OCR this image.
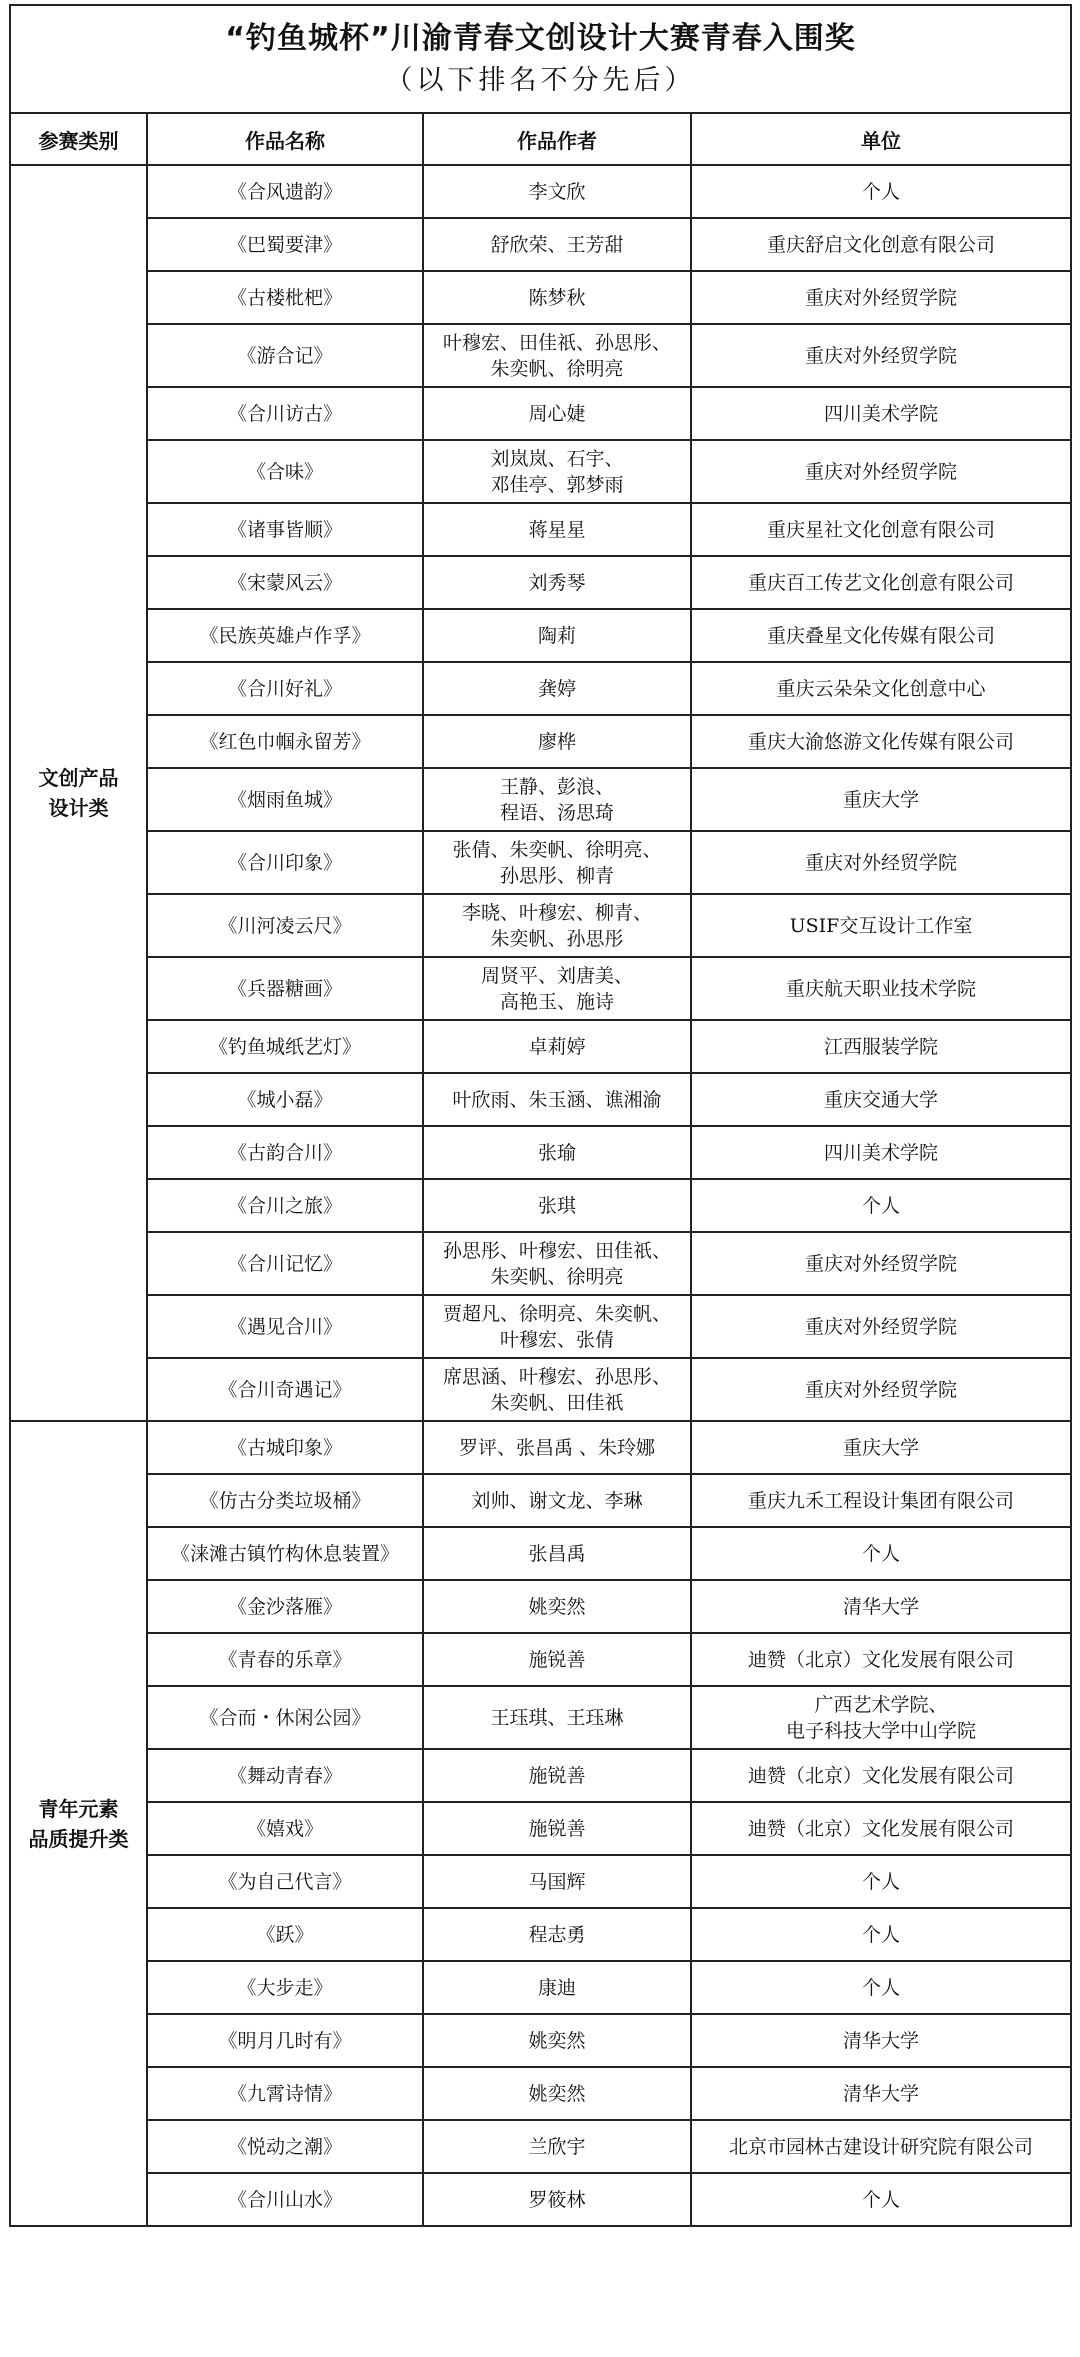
“钓鱼城杯”川渝青春文创设计大赛青春入围奖
（以下排名不分先后）			

参赛类别	作品名称	作品作者	单位

文创产品
设计类	《合风遗韵》	李文欣	个人

	《巴蜀要津》	舒欣荣、王芳甜	重庆舒启文化创意有限公司

	《古楼枇杷》	陈梦秋	重庆对外经贸学院

	《游合记》	叶穆宏、田佳祇、孙思彤、
朱奕帆、徐明亮	重庆对外经贸学院

	《合川访古》	周心婕	四川美术学院

	《合味》	刘岚岚、石宇、
邓佳亭、郭梦雨	重庆对外经贸学院

	《诸事皆顺》	蒋星星	重庆星社文化创意有限公司

	《宋蒙风云》	刘秀琴	重庆百工传艺文化创意有限公司

	《民族英雄卢作孚》	陶莉	重庆叠星文化传媒有限公司

	《合川好礼》	龚婷	重庆云朵朵文化创意中心

	《红色巾帼永留芳》	廖桦	重庆大渝悠游文化传媒有限公司

	《烟雨鱼城》	王静、彭浪、
程语、汤思琦	重庆大学

	《合川印象》	张倩、朱奕帆、徐明亮、
孙思彤、柳青	重庆对外经贸学院

	《川河凌云尺》	李晓、叶穆宏、柳青、
朱奕帆、孙思彤	USIF交互设计工作室

	《兵器糖画》	周贤平、刘唐美、
高艳玉、施诗	重庆航天职业技术学院

	《钓鱼城纸艺灯》	卓莉婷	江西服装学院

	《城小磊》	叶欣雨、朱玉涵、谯湘渝	重庆交通大学

	《古韵合川》	张瑜	四川美术学院

	《合川之旅》	张琪	个人

	《合川记忆》	孙思彤、叶穆宏、田佳祇、
朱奕帆、徐明亮	重庆对外经贸学院

	《遇见合川》	贾超凡、徐明亮、朱奕帆、
叶穆宏、张倩	重庆对外经贸学院

	《合川奇遇记》	席思涵、叶穆宏、孙思彤、
朱奕帆、田佳祇	重庆对外经贸学院

青年元素
品质提升类	《古城印象》	罗评、张昌禹 、朱玲娜	重庆大学

	《仿古分类垃圾桶》	刘帅、谢文龙、李琳	重庆九禾工程设计集团有限公司

	《涞滩古镇竹构休息装置》	张昌禹	个人

	《金沙落雁》	姚奕然	清华大学

	《青春的乐章》	施锐善	迪赞（北京）文化发展有限公司

	《合而・休闲公园》	王珏琪、王珏琳	广西艺术学院、
电子科技大学中山学院

	《舞动青春》	施锐善	迪赞（北京）文化发展有限公司

	《嬉戏》	施锐善	迪赞（北京）文化发展有限公司

	《为自己代言》	马国辉	个人

	《跃》	程志勇	个人

	《大步走》	康迪	个人

	《明月几时有》	姚奕然	清华大学

	《九霄诗情》	姚奕然	清华大学

	《悦动之潮》	兰欣宇	北京市园林古建设计研究院有限公司

	《合川山水》	罗筱林	个人
